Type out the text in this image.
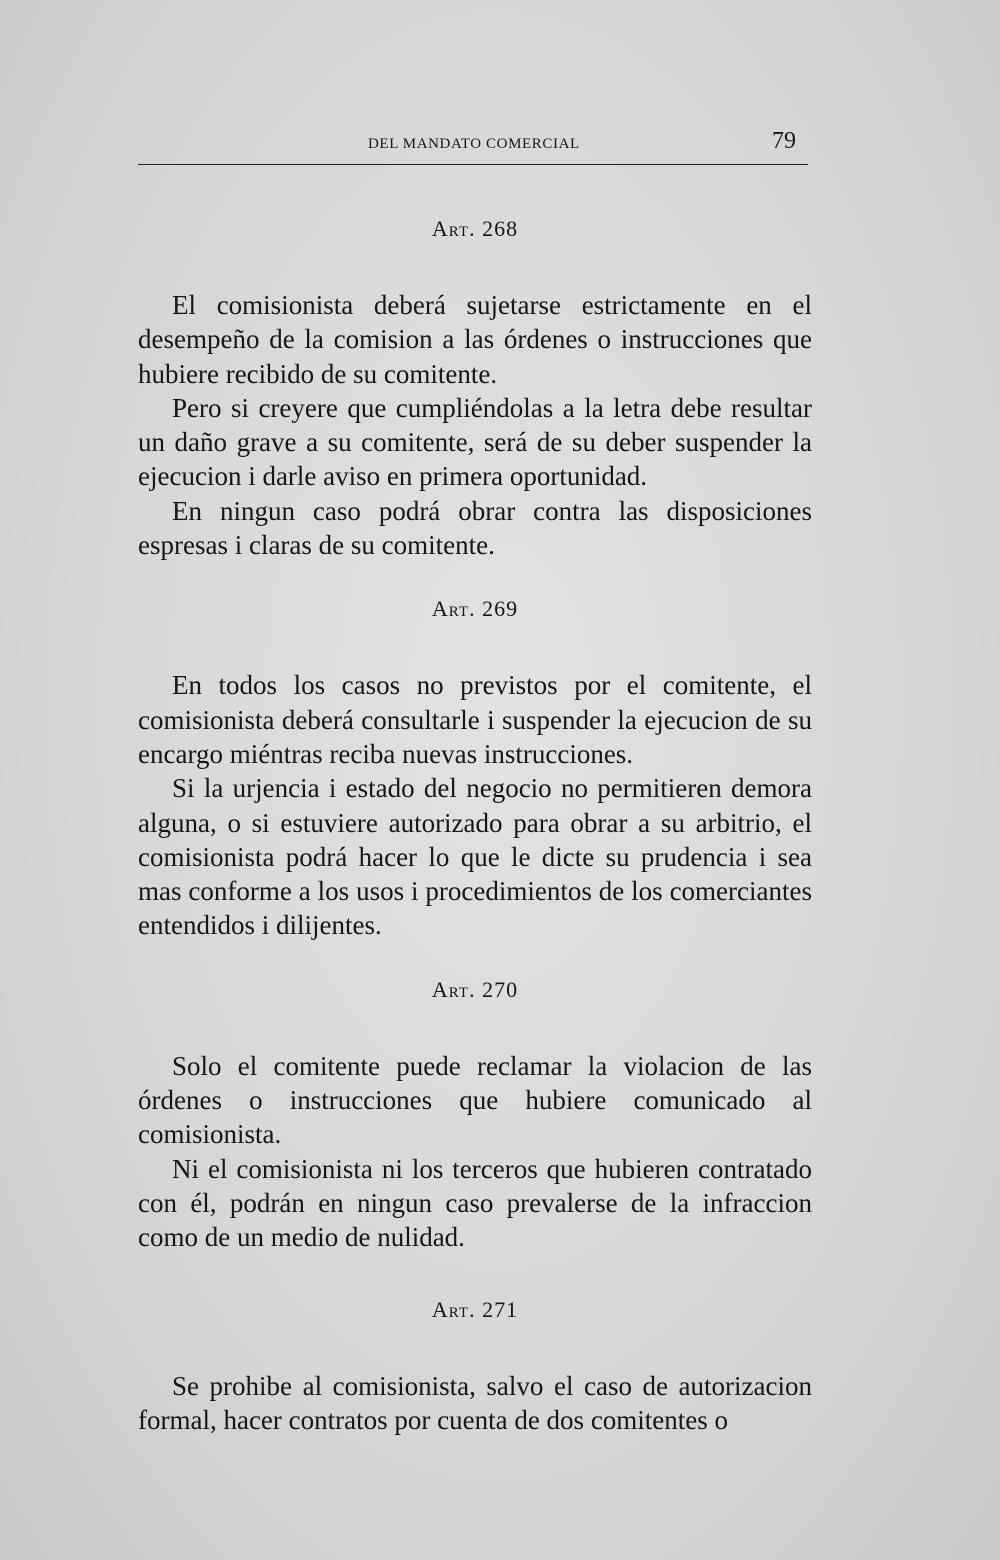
DEL MANDATO COMERCIAL	79
Art. 268

El comisionista deberá sujetarse estrictamente en el desempeño de la comision a las órdenes o instrucciones que hubiere recibido de su comitente.

Pero si creyere que cumpliéndolas a la letra debe resultar un daño grave a su comitente, será de su deber suspender la ejecucion i darle aviso en primera oportunidad.

En ningun caso podrá obrar contra las disposiciones espresas i claras de su comitente.

Art. 269

En todos los casos no previstos por el comitente, el comisionista deberá consultarle i suspender la ejecucion de su encargo miéntras reciba nuevas instrucciones.

Si la urjencia i estado del negocio no permitieren demora alguna, o si estuviere autorizado para obrar a su arbitrio, el comisionista podrá hacer lo que le dicte su prudencia i sea mas conforme a los usos i procedimientos de los comerciantes entendidos i dilijentes.

Art. 270

Solo el comitente puede reclamar la violacion de las órdenes o instrucciones que hubiere comunicado al comisionista.

Ni el comisionista ni los terceros que hubieren contratado con él, podrán en ningun caso prevalerse de la infraccion como de un medio de nulidad.

Art. 271

Se prohibe al comisionista, salvo el caso de autorizacion formal, hacer contratos por cuenta de dos comitentes o
